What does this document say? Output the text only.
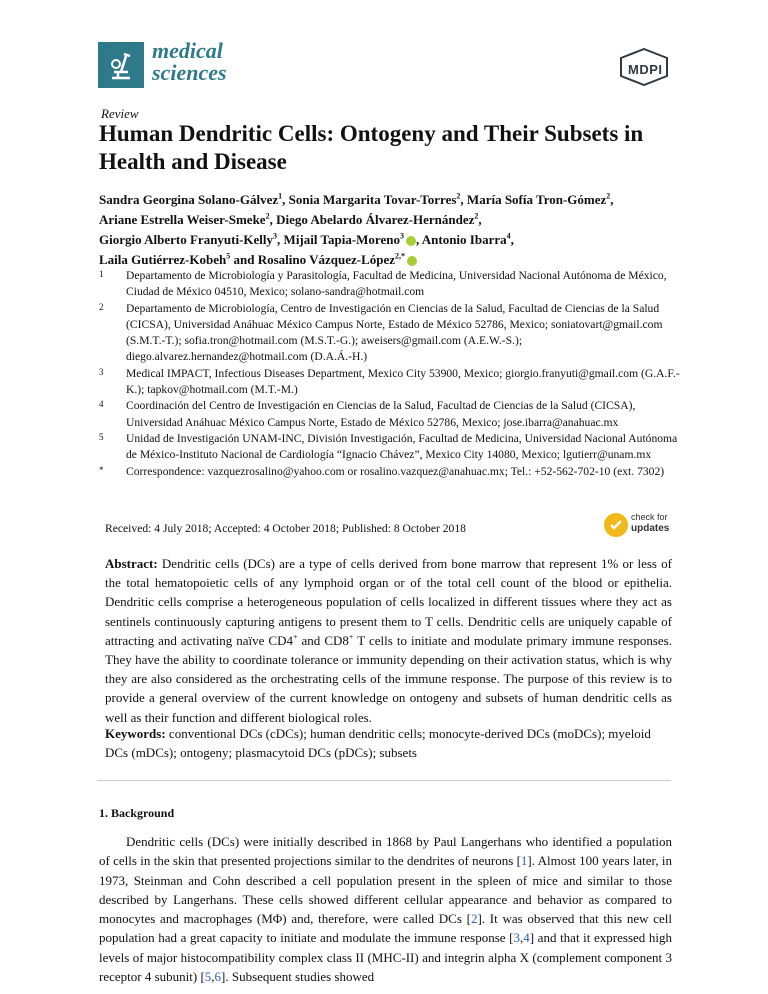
medical
sciences	MDPI
Review
Human Dendritic Cells: Ontogeny and Their Subsets in Health and Disease
Sandra Georgina Solano-Gálvez$^1$, Sonia Margarita Tovar-Torres$^2$, María Sofía Tron-Gómez$^2$,
Ariane Estrella Weiser-Smeke$^2$, Diego Abelardo Álvarez-Hernández$^2$,
Giorgio Alberto Franyuti-Kelly$^3$, Mijail Tapia-Moreno$^3$ , Antonio Ibarra$^4$,
Laila Gutiérrez-Kobeh$^5$ and Rosalino Vázquez-López$^{2,*}$
1	Departamento de Microbiología y Parasitología, Facultad de Medicina, Universidad Nacional Autónoma de México, Ciudad de México 04510, Mexico; solano-sandra@hotmail.com
2	Departamento de Microbiología, Centro de Investigación en Ciencias de la Salud, Facultad de Ciencias de la Salud (CICSA), Universidad Anáhuac México Campus Norte, Estado de México 52786, Mexico; soniatovart@gmail.com (S.M.T.-T.); sofia.tron@hotmail.com (M.S.T.-G.); aweisers@gmail.com (A.E.W.-S.); diego.alvarez.hernandez@hotmail.com (D.A.Á.-H.)
3	Medical IMPACT, Infectious Diseases Department, Mexico City 53900, Mexico; giorgio.franyuti@gmail.com (G.A.F.-K.); tapkov@hotmail.com (M.T.-M.)
4	Coordinación del Centro de Investigación en Ciencias de la Salud, Facultad de Ciencias de la Salud (CICSA), Universidad Anáhuac México Campus Norte, Estado de México 52786, Mexico; jose.ibarra@anahuac.mx
5	Unidad de Investigación UNAM-INC, División Investigación, Facultad de Medicina, Universidad Nacional Autónoma de México-Instituto Nacional de Cardiología “Ignacio Chávez”, Mexico City 14080, Mexico; lgutierr@unam.mx
*	Correspondence: vazquezrosalino@yahoo.com or rosalino.vazquez@anahuac.mx; Tel.: +52-562-702-10 (ext. 7302)
Received: 4 July 2018; Accepted: 4 October 2018; Published: 8 October 2018
check for
updates
Abstract: Dendritic cells (DCs) are a type of cells derived from bone marrow that represent 1% or less of the total hematopoietic cells of any lymphoid organ or of the total cell count of the blood or epithelia. Dendritic cells comprise a heterogeneous population of cells localized in different tissues where they act as sentinels continuously capturing antigens to present them to T cells. Dendritic cells are uniquely capable of attracting and activating naïve CD4+ and CD8+ T cells to initiate and modulate primary immune responses. They have the ability to coordinate tolerance or immunity depending on their activation status, which is why they are also considered as the orchestrating cells of the immune response. The purpose of this review is to provide a general overview of the current knowledge on ontogeny and subsets of human dendritic cells as well as their function and different biological roles.
Keywords: conventional DCs (cDCs); human dendritic cells; monocyte-derived DCs (moDCs); myeloid DCs (mDCs); ontogeny; plasmacytoid DCs (pDCs); subsets
1. Background
Dendritic cells (DCs) were initially described in 1868 by Paul Langerhans who identified a population of cells in the skin that presented projections similar to the dendrites of neurons [1]. Almost 100 years later, in 1973, Steinman and Cohn described a cell population present in the spleen of mice and similar to those described by Langerhans. These cells showed different cellular appearance and behavior as compared to monocytes and macrophages (MΦ) and, therefore, were called DCs [2]. It was observed that this new cell population had a great capacity to initiate and modulate the immune response [3,4] and that it expressed high levels of major histocompatibility complex class II (MHC-II) and integrin alpha X (complement component 3 receptor 4 subunit) [5,6]. Subsequent studies showed
